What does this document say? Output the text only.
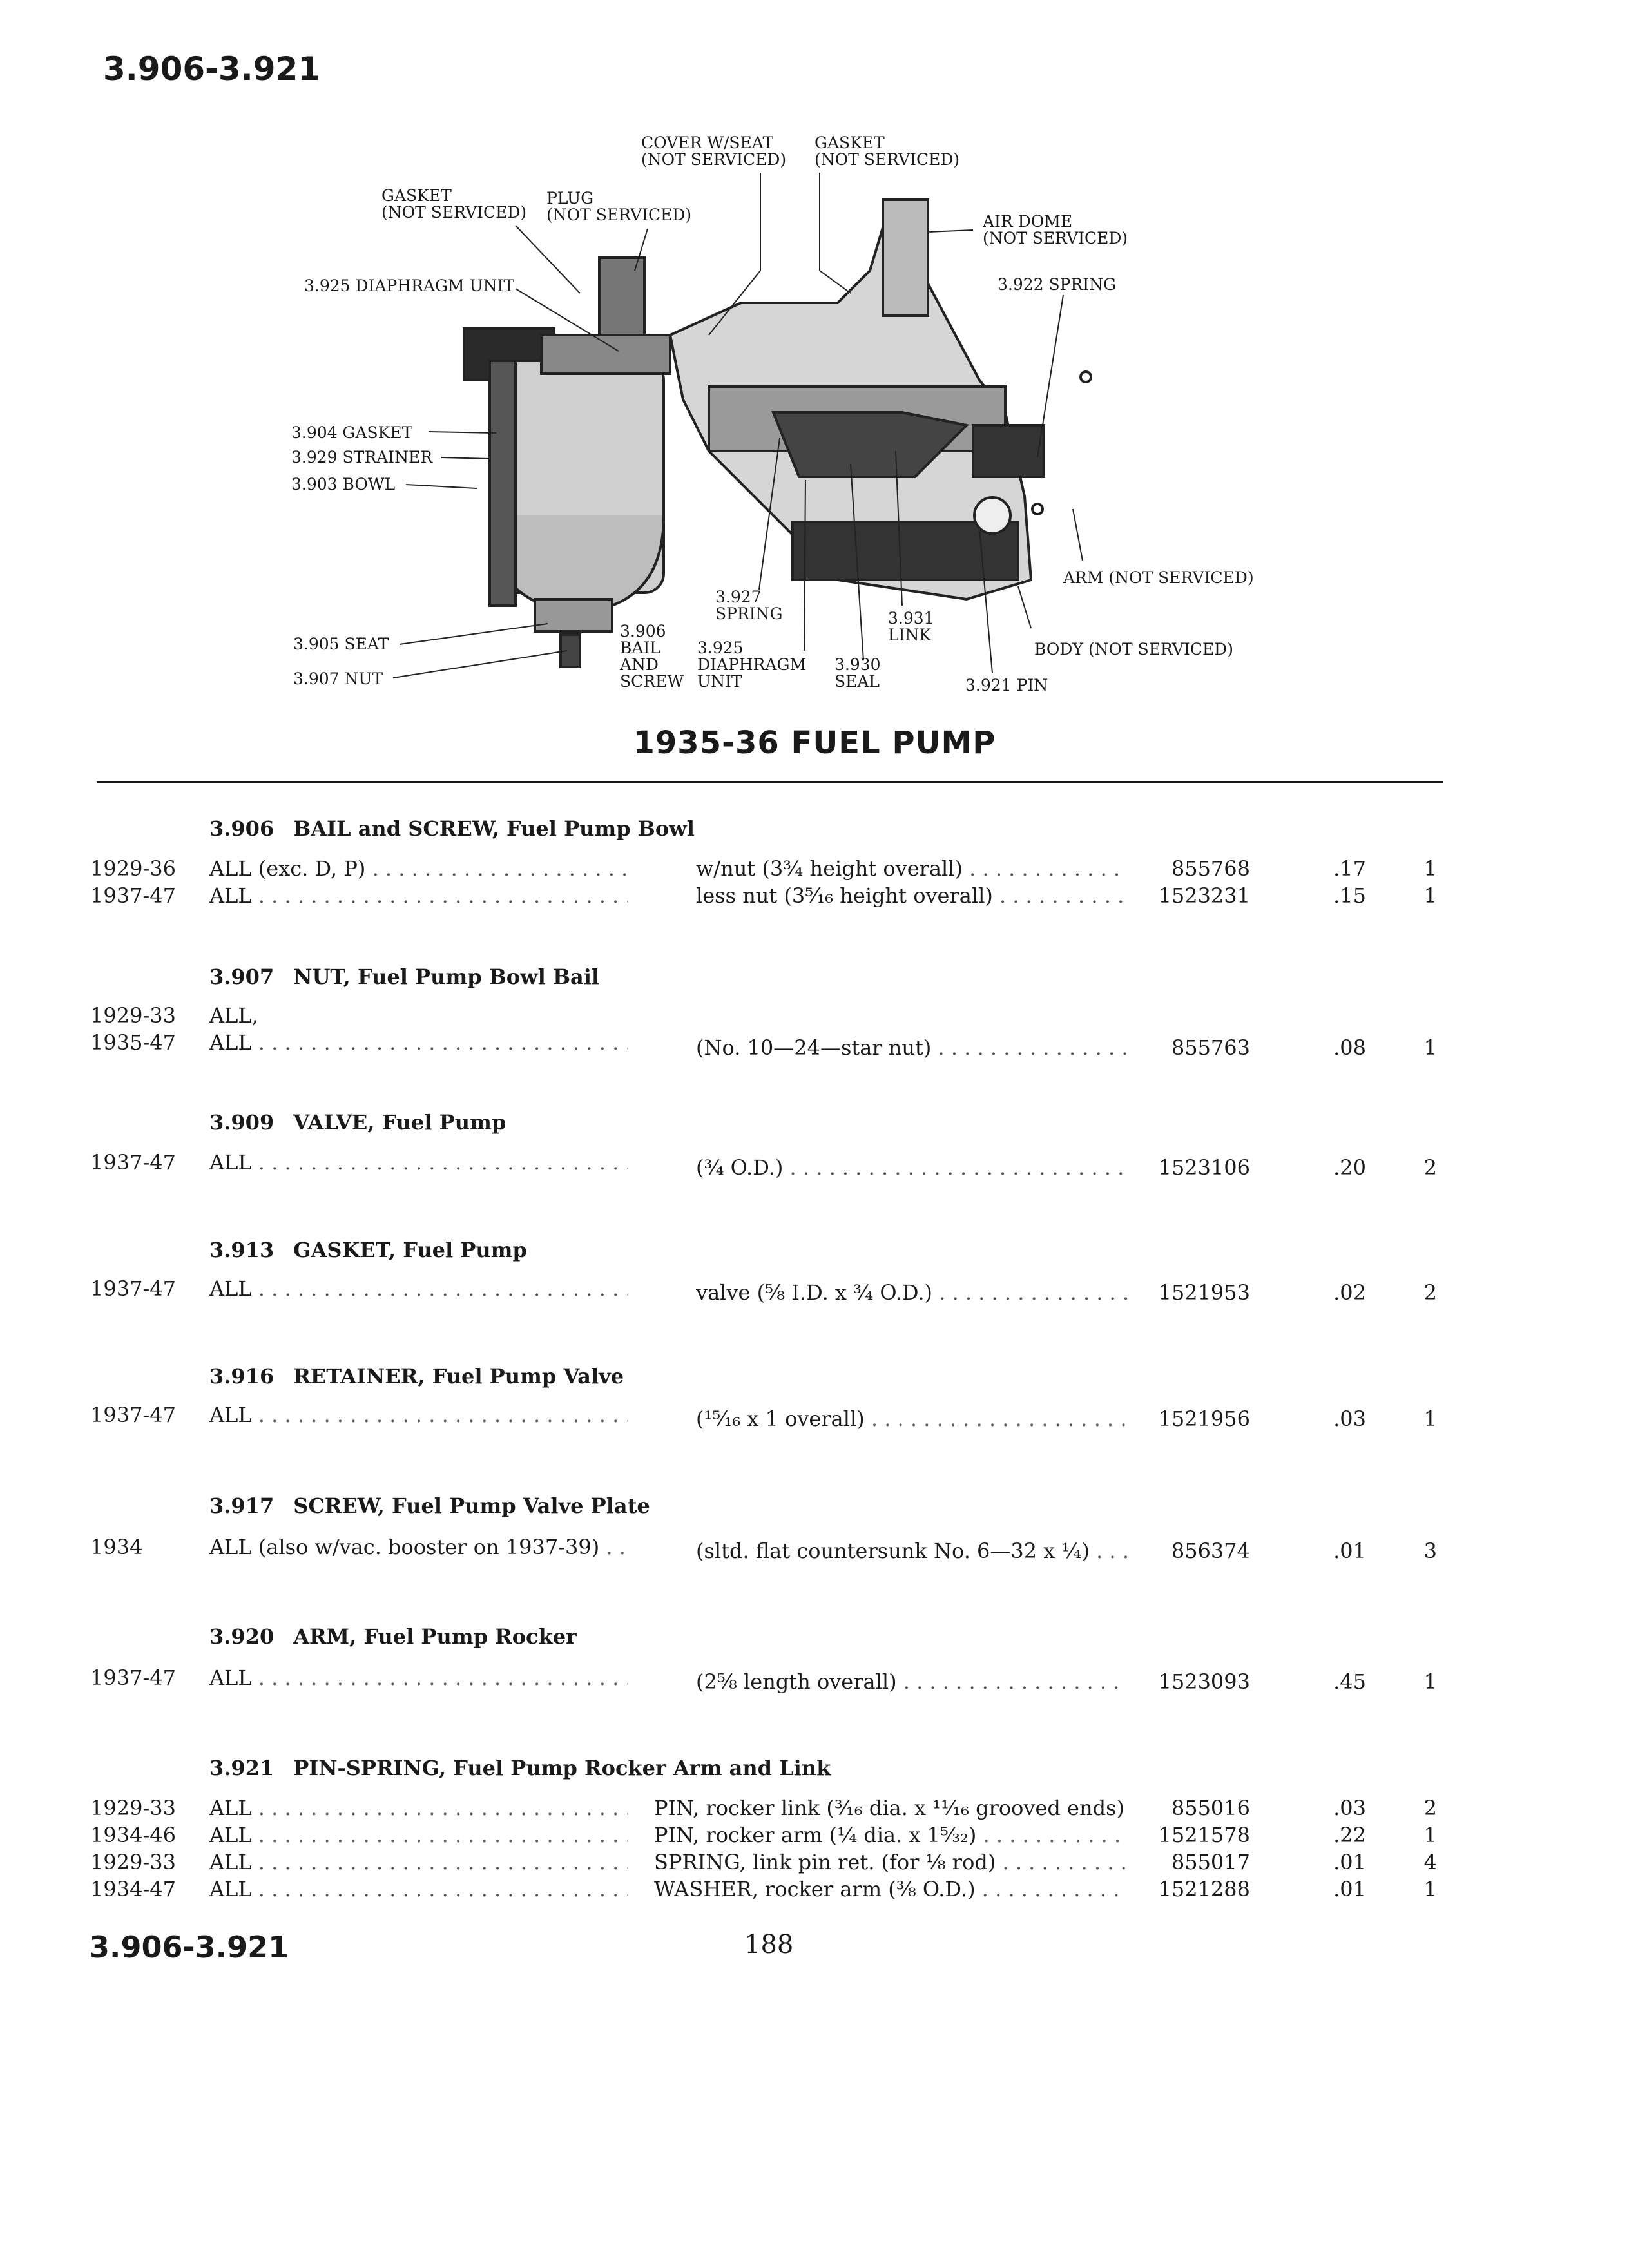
3.906-3.921
COVER W/SEAT
(NOT SERVICED)
GASKET
(NOT SERVICED)
GASKET
(NOT SERVICED)
PLUG
(NOT SERVICED)	AIR DOME
(NOT SERVICED)
3.925 DIAPHRAGM UNIT	3.922 SPRING
3.904 GASKET
3.929 STRAINER
3.903 BOWL
ARM (NOT SERVICED)
3.927
SPRING	3.931
LINK
3.905 SEAT
3.906
BAIL
AND
SCREW
3.925
DIAPHRAGM
UNIT
3.930
SEAL
BODY (NOT SERVICED)
3.907 NUT	3.921 PIN
1935-36 FUEL PUMP
3.906 BAIL and SCREW, Fuel Pump Bowl
1929-36	ALL (exc. D, P) . . .	w/nut (3¾ height overall) . . .	855768	.17	1
1937-47	ALL . . .	less nut (3⁵⁄₁₆ height overall) . . .	1523231	.15	1
3.907 NUT, Fuel Pump Bowl Bail
1929-33	ALL,
1935-47	ALL . . .	(No. 10—24—star nut) . . .	855763	.08	1
3.909 VALVE, Fuel Pump
1937-47	ALL . . .	(¾ O.D.) . . .	1523106	.20	2
3.913 GASKET, Fuel Pump
1937-47	ALL . . .	valve (⅝ I.D. x ¾ O.D.) . . .	1521953	.02	2
3.916 RETAINER, Fuel Pump Valve
1937-47	ALL . . .	(¹⁵⁄₁₆ x 1 overall) . . .	1521956	.03	1
3.917 SCREW, Fuel Pump Valve Plate
1934	ALL (also w/vac. booster on 1937-39) . . .	(sltd. flat countersunk No. 6—32 x ¼) . . .	856374	.01	3
3.920 ARM, Fuel Pump Rocker
1937-47	ALL . . .	(2⅝ length overall) . . .	1523093	.45	1
3.921 PIN-SPRING, Fuel Pump Rocker Arm and Link
1929-33	ALL . . .	PIN, rocker link (³⁄₁₆ dia. x ¹¹⁄₁₆ grooved ends) . . .	855016	.03	2
1934-46	ALL . . .	PIN, rocker arm (¼ dia. x 1⁵⁄₃₂) . . .	1521578	.22	1
1929-33	ALL . . .	SPRING, link pin ret. (for ⅛ rod) . . .	855017	.01	4
1934-47	ALL . . .	WASHER, rocker arm (⅜ O.D.) . . .	1521288	.01	1
3.906-3.921	188
